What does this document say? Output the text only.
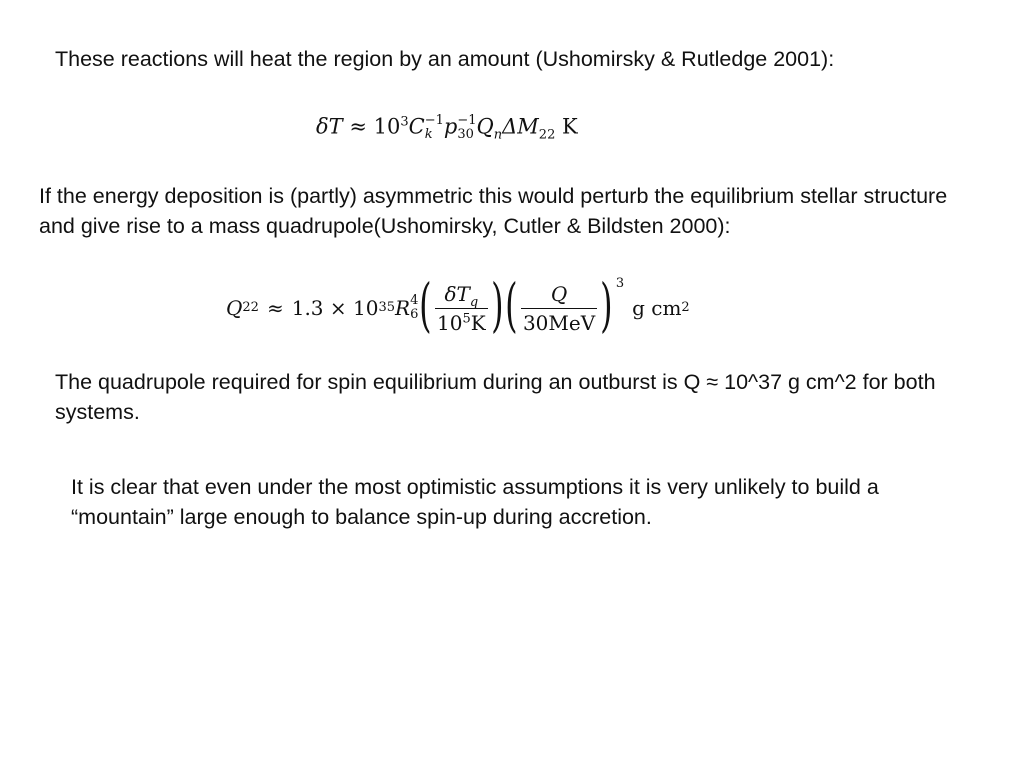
These reactions will heat the region by an amount (Ushomirsky & Rutledge 2001):

$\delta T \approx 10^3C -1$
k p −1
30 $Q_n\Delta M_{22}$ K

If the energy deposition is (partly) asymmetric this would perturb the equilibrium stellar structure and give rise to a mass quadrupole(Ushomirsky, Cutler & Bildsten 2000):

Q 22 ≈ 1.3 × 10 35 R 4
6 ( $\frac{\delta T_q}{10^5K}$ ) ( $\frac{Q}{\text{30MeV}}$ ) 3
g cm 2

The quadrupole required for spin equilibrium during an outburst is Q ≈ 10^37 g cm^2 for both systems.

It is clear that even under the most optimistic assumptions it is very unlikely to build a “mountain” large enough to balance spin-up during accretion.
